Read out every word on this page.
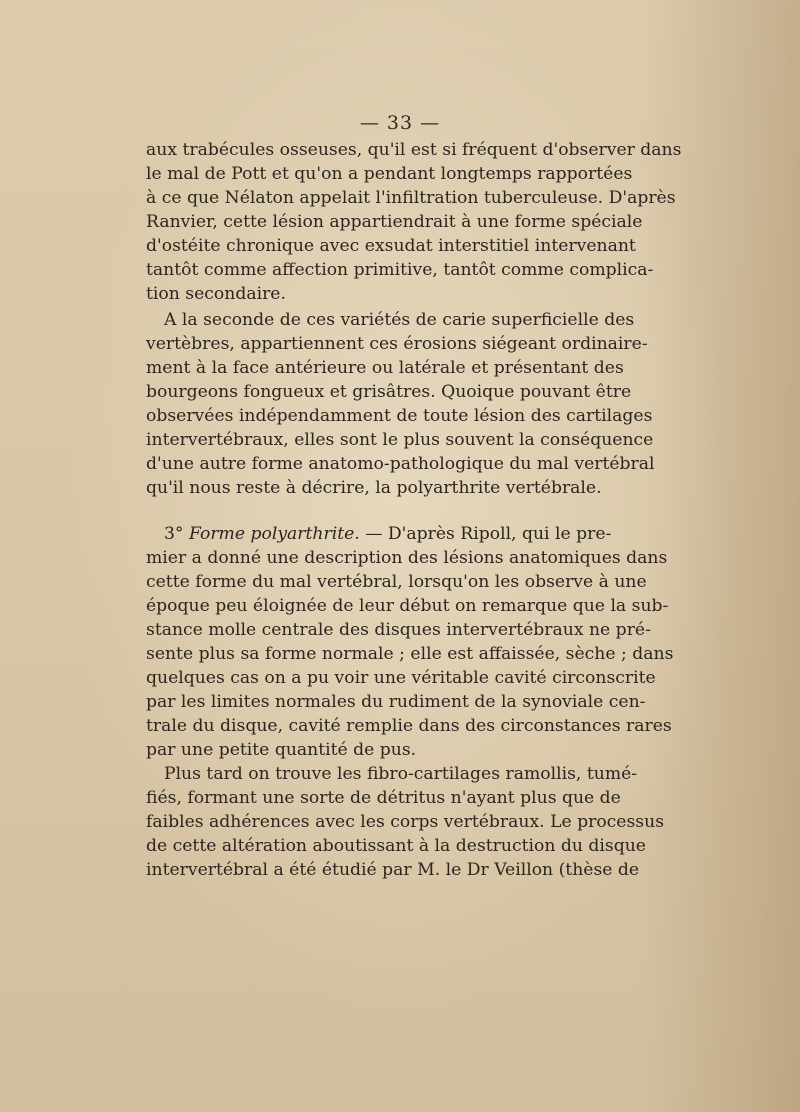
— 33 —
aux trabécules osseuses, qu'il est si fréquent d'observer dans
le mal de Pott et qu'on a pendant longtemps rapportées
à ce que Nélaton appelait l'infiltration tuberculeuse. D'après
Ranvier, cette lésion appartiendrait à une forme spéciale
d'ostéite chronique avec exsudat interstitiel intervenant
tantôt comme affection primitive, tantôt comme complica-
tion secondaire.
A la seconde de ces variétés de carie superficielle des
vertèbres, appartiennent ces érosions siégeant ordinaire-
ment à la face antérieure ou latérale et présentant des
bourgeons fongueux et grisâtres. Quoique pouvant être
observées indépendamment de toute lésion des cartilages
intervertébraux, elles sont le plus souvent la conséquence
d'une autre forme anatomo-pathologique du mal vertébral
qu'il nous reste à décrire, la polyarthrite vertébrale.
3° Forme polyarthrite. — D'après Ripoll, qui le pre-
mier a donné une description des lésions anatomiques dans
cette forme du mal vertébral, lorsqu'on les observe à une
époque peu éloignée de leur début on remarque que la sub-
stance molle centrale des disques intervertébraux ne pré-
sente plus sa forme normale ; elle est affaissée, sèche ; dans
quelques cas on a pu voir une véritable cavité circonscrite
par les limites normales du rudiment de la synoviale cen-
trale du disque, cavité remplie dans des circonstances rares
par une petite quantité de pus.
Plus tard on trouve les fibro-cartilages ramollis, tumé-
fiés, formant une sorte de détritus n'ayant plus que de
faibles adhérences avec les corps vertébraux. Le processus
de cette altération aboutissant à la destruction du disque
intervertébral a été étudié par M. le Dr Veillon (thèse de
